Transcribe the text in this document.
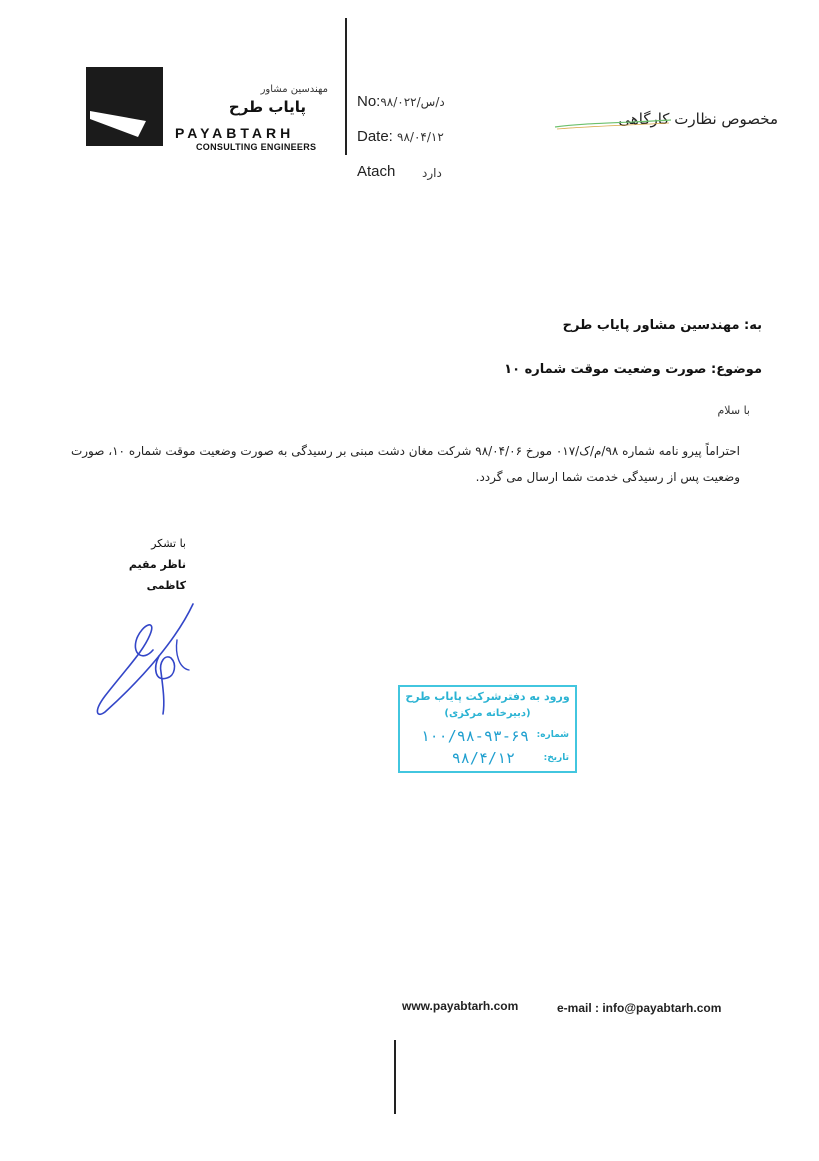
مهندسین مشاور
پایاب طرح
PAYABTARH
CONSULTING ENGINEERS
No:۹۸/د/س/۰۲۲
Date: ۹۸/۰۴/۱۲
Atach دارد
مخصوص نظارت کارگاهی
به: مهندسین مشاور پایاب طرح
موضوع: صورت وضعیت موقت شماره ۱۰
با سلام
احتراماً پیرو نامه شماره ۹۸/م/ک/۰۱۷ مورخ ۹۸/۰۴/۰۶ شرکت مغان دشت مبنی بر رسیدگی به صورت وضعیت موقت شماره ۱۰، صورت وضعیت پس از رسیدگی خدمت شما ارسال می گردد.
با تشکر
ناظر مقیم
کاظمی
ورود به دفترشرکت پایاب طرح
(دبیرخانه مرکزی)
شماره:
تاریخ:
۱۰۰/۹۸-۹۳-۶۹
۹۸/۴/۱۲
www.payabtarh.com	e-mail : info@payabtarh.com
